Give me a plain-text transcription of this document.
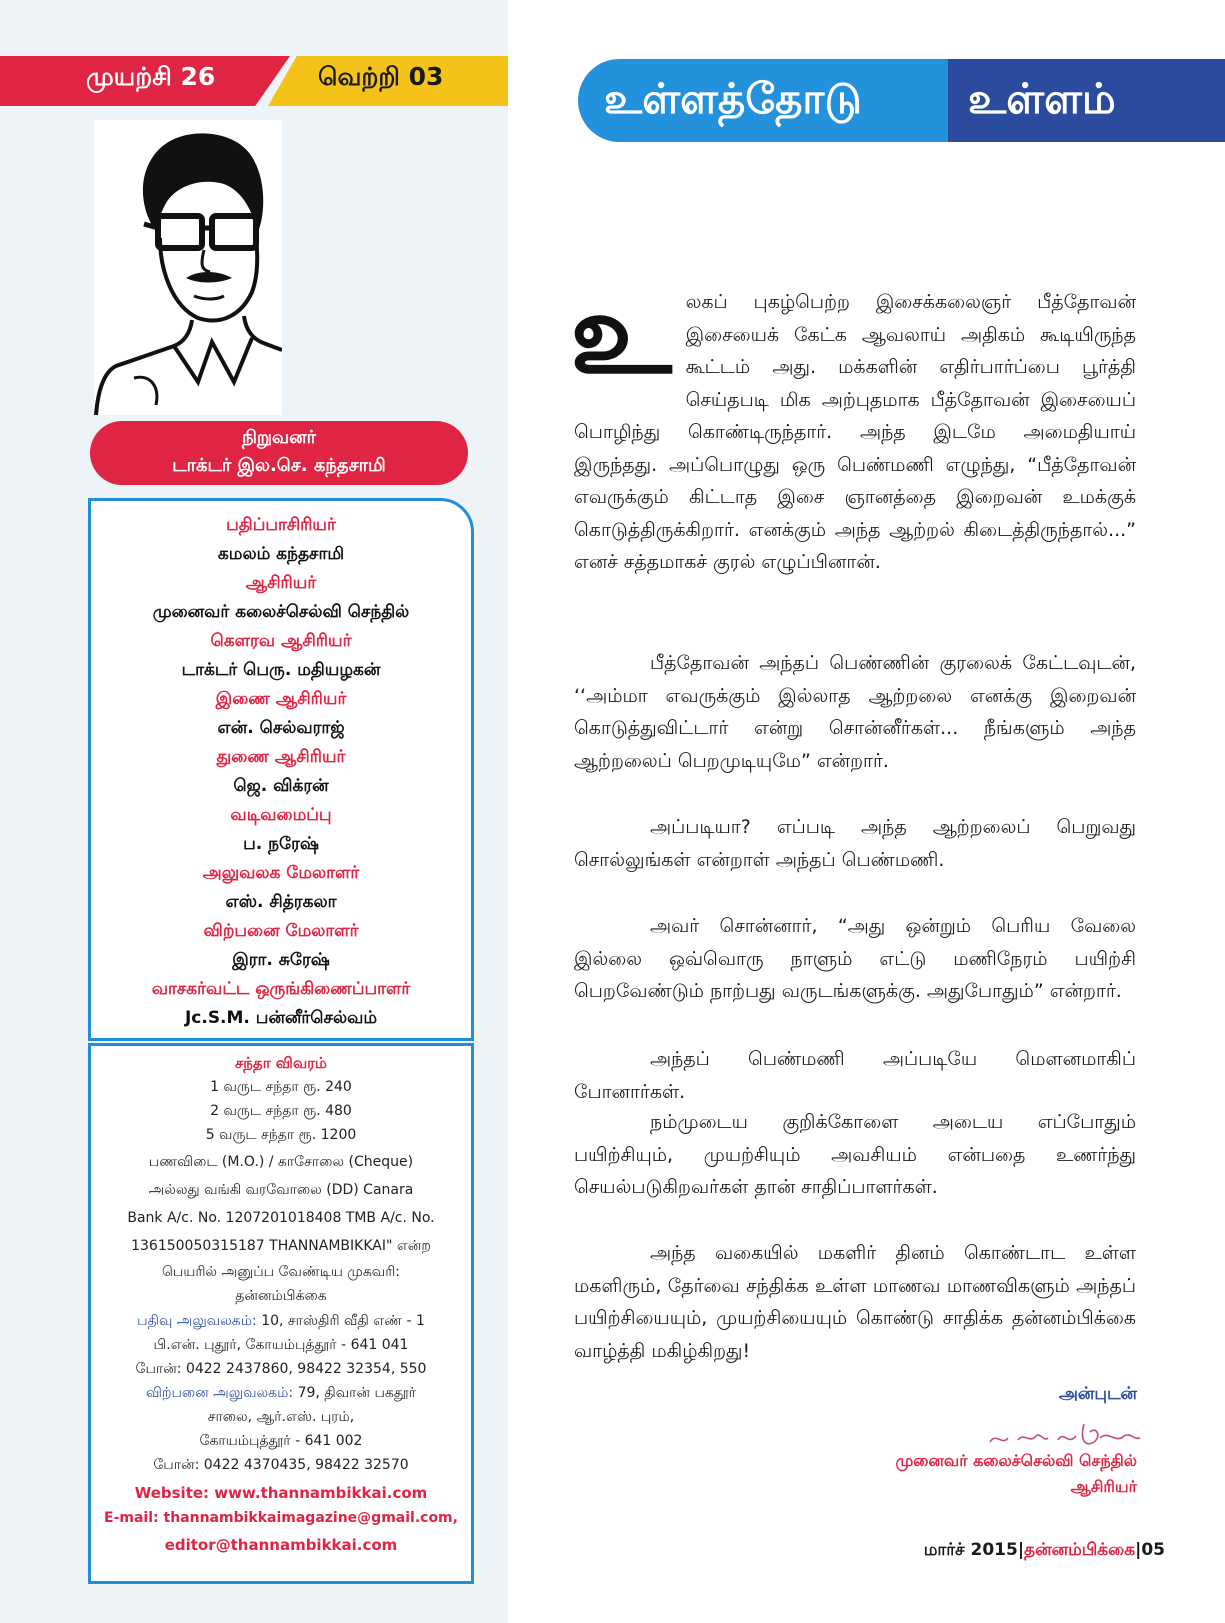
முயற்சி 26	வெற்றி 03
நிறுவனர்
டாக்டர் இல.செ. கந்தசாமி
பதிப்பாசிரியர்
கமலம் கந்தசாமி
ஆசிரியர்
முனைவர் கலைச்செல்வி செந்தில்
கௌரவ ஆசிரியர்
டாக்டர் பெரு. மதியழகன்
இணை ஆசிரியர்
என். செல்வராஜ்
துணை ஆசிரியர்
ஜெ. விக்ரன்
வடிவமைப்பு
ப. நரேஷ்
அலுவலக மேலாளர்
எஸ். சித்ரகலா
விற்பனை மேலாளர்
இரா. சுரேஷ்
வாசகர்வட்ட ஒருங்கிணைப்பாளர்
Jc.S.M. பன்னீர்செல்வம்
சந்தா விவரம்
1 வருட சந்தா ரூ. 240
2 வருட சந்தா ரூ. 480
5 வருட சந்தா ரூ. 1200
பணவிடை (M.O.) / காசோலை (Cheque)
அல்லது வங்கி வரவோலை (DD) Canara
Bank A/c. No. 1207201018408 TMB A/c. No.
136150050315187 THANNAMBIKKAI" என்ற
பெயரில் அனுப்ப வேண்டிய முகவரி:
தன்னம்பிக்கை
பதிவு அலுவலகம்: 10, சாஸ்திரி வீதி எண் - 1
பி.என். புதூர், கோயம்புத்தூர் - 641 041
போன்: 0422 2437860, 98422 32354, 550
விற்பனை அலுவலகம்: 79, திவான் பகதூர்
சாலை, ஆர்.எஸ். புரம்,
கோயம்புத்தூர் - 641 002
போன்: 0422 4370435, 98422 32570
Website: www.thannambikkai.com
E-mail: thannambikkaimagazine@gmail.com,
editor@thannambikkai.com
உள்ளத்தோடு	உள்ளம்
உ லகப் புகழ்பெற்ற இசைக்கலைஞர் பீத்தோவன் இசையைக் கேட்க ஆவலாய் அதிகம் கூடியிருந்த கூட்டம் அது. மக்களின் எதிர்பார்ப்பை பூர்த்தி செய்தபடி மிக அற்புதமாக பீத்தோவன் இசையைப் பொழிந்து கொண்டிருந்தார். அந்த இடமே அமைதியாய் இருந்தது. அப்பொழுது ஒரு பெண்மணி எழுந்து, “பீத்தோவன் எவருக்கும் கிட்டாத இசை ஞானத்தை இறைவன் உமக்குக் கொடுத்திருக்கிறார். எனக்கும் அந்த ஆற்றல் கிடைத்திருந்தால்...” எனச் சத்தமாகச் குரல் எழுப்பினான்.

பீத்தோவன் அந்தப் பெண்ணின் குரலைக் கேட்டவுடன், ‘‘அம்மா எவருக்கும் இல்லாத ஆற்றலை எனக்கு இறைவன் கொடுத்துவிட்டார் என்று சொன்னீர்கள்... நீங்களும் அந்த ஆற்றலைப் பெறமுடியுமே” என்றார்.

அப்படியா? எப்படி அந்த ஆற்றலைப் பெறுவது சொல்லுங்கள் என்றாள் அந்தப் பெண்மணி.

அவர் சொன்னார், “அது ஒன்றும் பெரிய வேலை இல்லை ஒவ்வொரு நாளும் எட்டு மணிநேரம் பயிற்சி பெறவேண்டும் நாற்பது வருடங்களுக்கு. அதுபோதும்” என்றார்.

அந்தப் பெண்மணி அப்படியே மௌனமாகிப் போனார்கள்.

நம்முடைய குறிக்கோளை அடைய எப்போதும் பயிற்சியும், முயற்சியும் அவசியம் என்பதை உணர்ந்து செயல்படுகிறவர்கள் தான் சாதிப்பாளர்கள்.

அந்த வகையில் மகளிர் தினம் கொண்டாட உள்ள மகளிரும், தேர்வை சந்திக்க உள்ள மாணவ மாணவிகளும் அந்தப் பயிற்சியையும், முயற்சியையும் கொண்டு சாதிக்க தன்னம்பிக்கை வாழ்த்தி மகிழ்கிறது!

அன்புடன்
முனைவர் கலைச்செல்வி செந்தில்
ஆசிரியர்
மார்ச் 2015|தன்னம்பிக்கை|05
